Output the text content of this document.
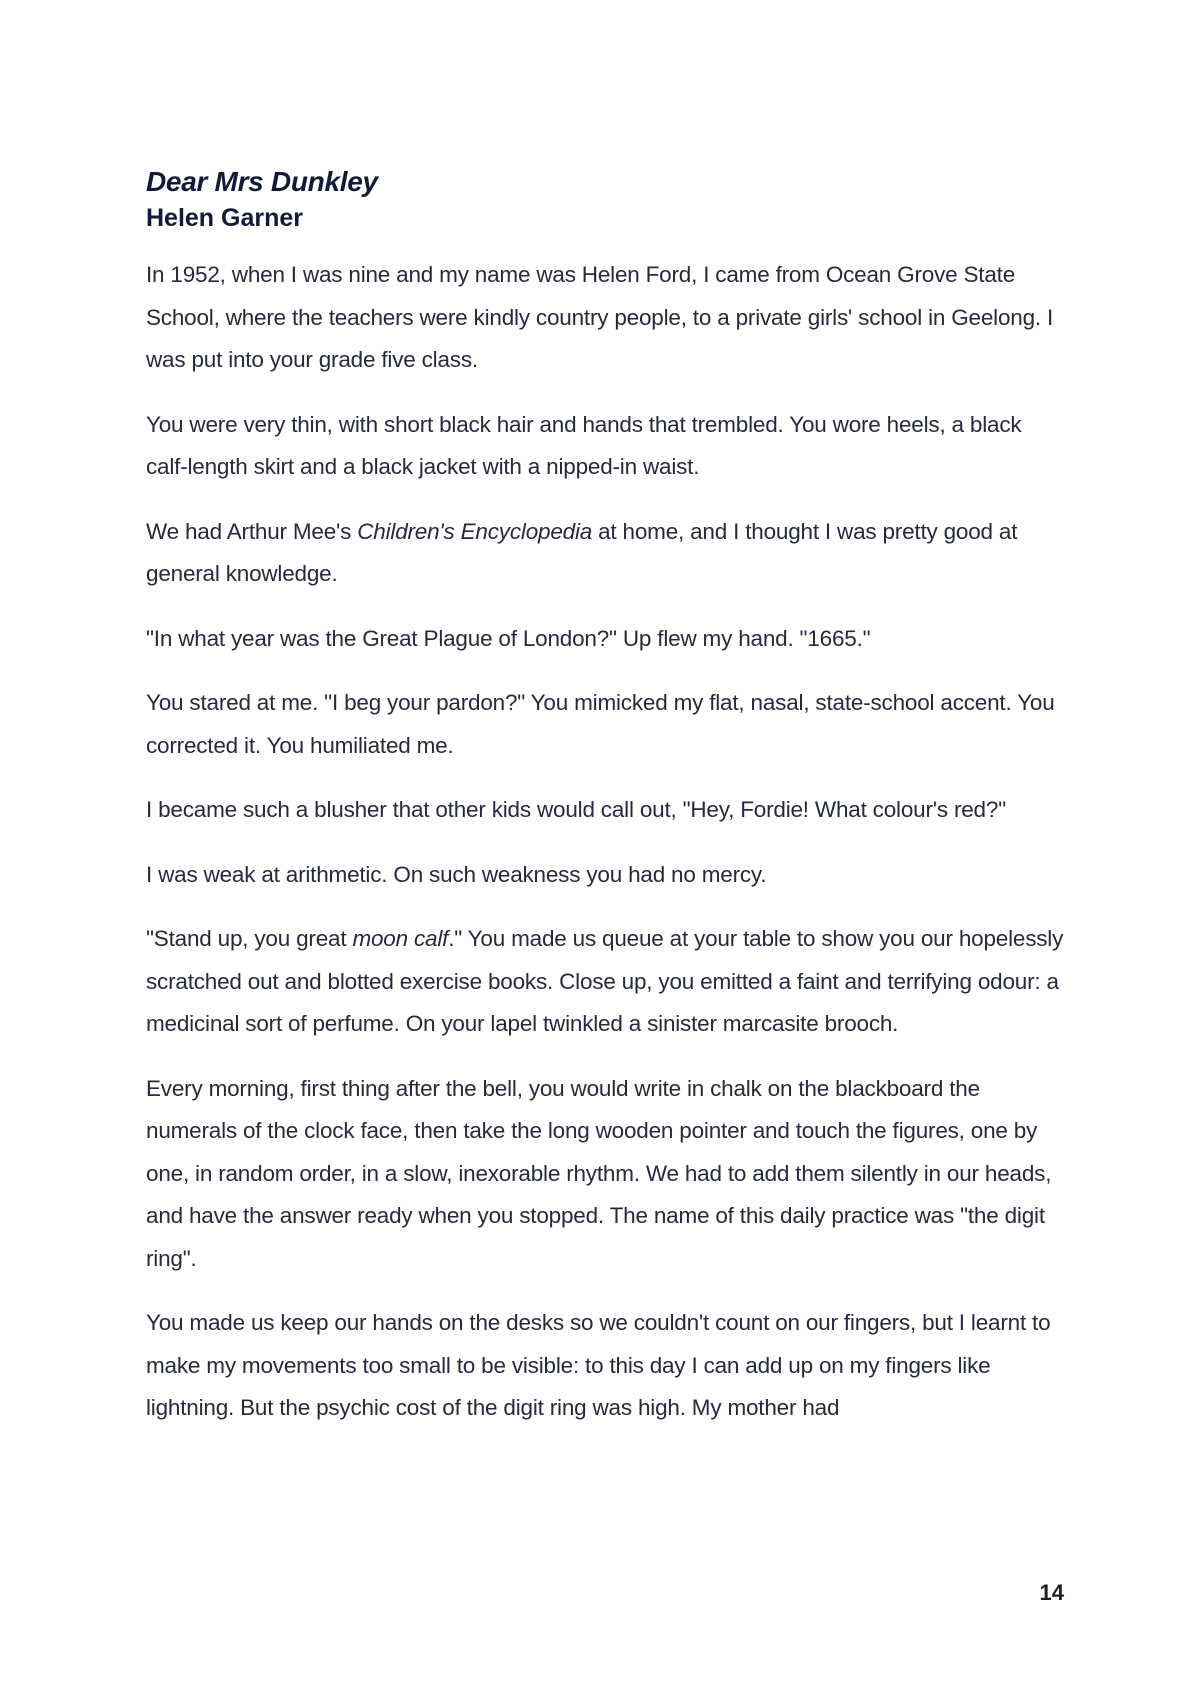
Dear Mrs Dunkley
Helen Garner

In 1952, when I was nine and my name was Helen Ford, I came from Ocean Grove State School, where the teachers were kindly country people, to a private girls' school in Geelong. I was put into your grade five class.

You were very thin, with short black hair and hands that trembled. You wore heels, a black calf-length skirt and a black jacket with a nipped-in waist.

We had Arthur Mee's Children's Encyclopedia at home, and I thought I was pretty good at general knowledge.

"In what year was the Great Plague of London?" Up flew my hand. "1665."

You stared at me. "I beg your pardon?" You mimicked my flat, nasal, state-school accent. You corrected it. You humiliated me.

I became such a blusher that other kids would call out, "Hey, Fordie! What colour's red?"

I was weak at arithmetic. On such weakness you had no mercy.

"Stand up, you great moon calf." You made us queue at your table to show you our hopelessly scratched out and blotted exercise books. Close up, you emitted a faint and terrifying odour: a medicinal sort of perfume. On your lapel twinkled a sinister marcasite brooch.

Every morning, first thing after the bell, you would write in chalk on the blackboard the numerals of the clock face, then take the long wooden pointer and touch the figures, one by one, in random order, in a slow, inexorable rhythm. We had to add them silently in our heads, and have the answer ready when you stopped. The name of this daily practice was "the digit ring".

You made us keep our hands on the desks so we couldn't count on our fingers, but I learnt to make my movements too small to be visible: to this day I can add up on my fingers like lightning. But the psychic cost of the digit ring was high. My mother had

14
